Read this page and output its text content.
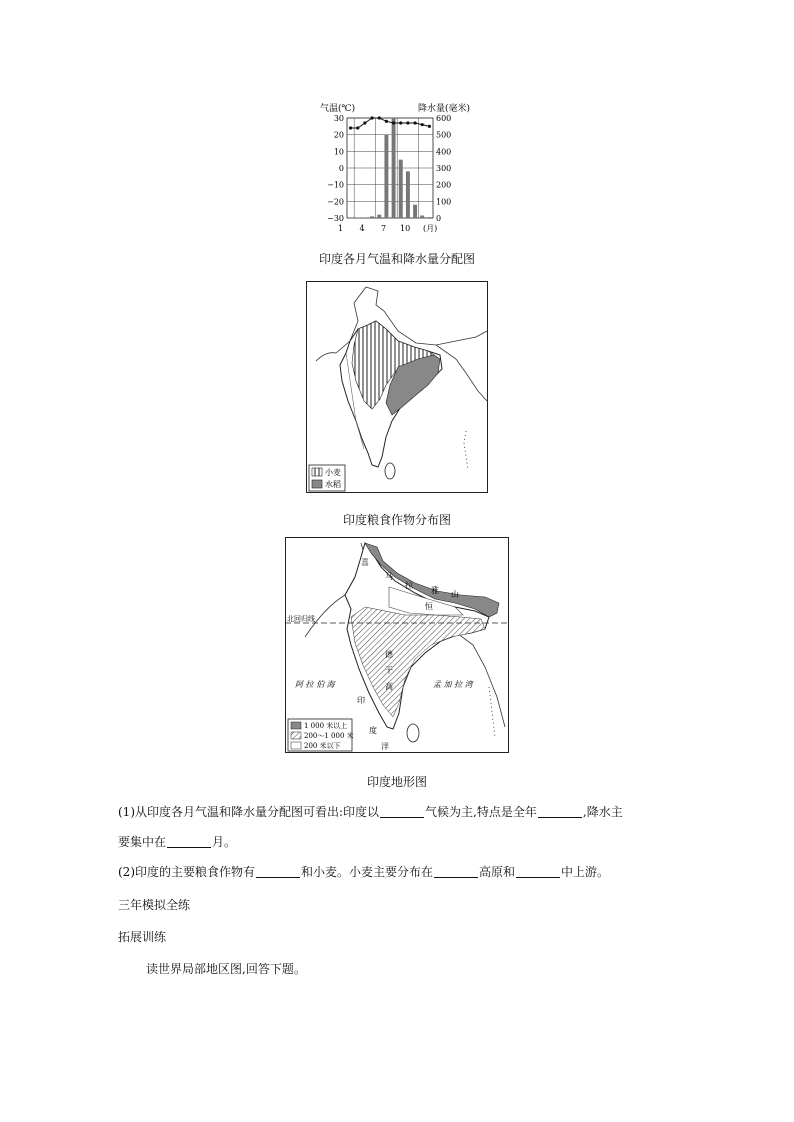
气温(℃)	降水量(毫米)
30
20
10
0
−10
−20
−30
600
500
400
300
200
100
0
1 4 7 10 (月)
印度各月气温和降水量分配图
小麦
水稻
印度粮食作物分布图
喜
马
拉
雅 山
恒
德
干
高
北回归线
阿 拉 伯 海	孟 加 拉 湾
印
度
洋
1 000 米以上
200～1 000 米
200 米以下
印度地形图
(1)从印度各月气温和降水量分配图可看出:印度以	气候为主,特点是全年	,降水主
要集中在	月。
(2)印度的主要粮食作物有	和小麦。小麦主要分布在	高原和	中上游。
三年模拟全练
拓展训练
读世界局部地区图,回答下题。
